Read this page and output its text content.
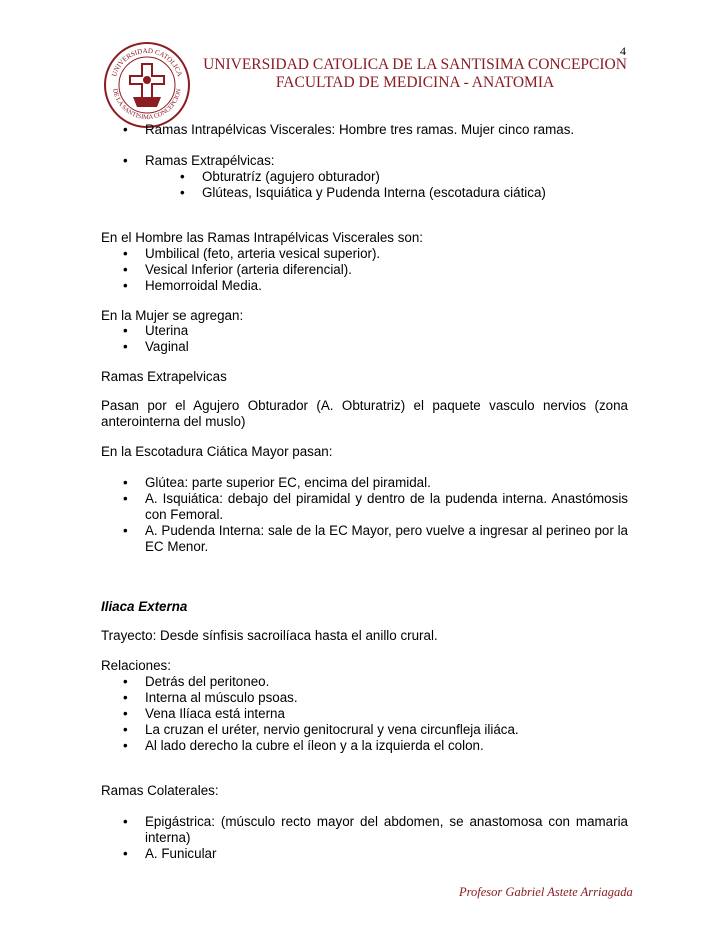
4
UNIVERSIDAD CATOLICA
DE LA SANTISIMA CONCEPCION
UNIVERSIDAD CATOLICA DE LA SANTISIMA CONCEPCION
FACULTAD DE MEDICINA - ANATOMIA
• Ramas Intrapélvicas Viscerales: Hombre tres ramas. Mujer cinco ramas.
• Ramas Extrapélvicas:
• Obturatríz (agujero obturador)
• Glúteas, Isquiática y Pudenda Interna (escotadura ciática)
En el Hombre las Ramas Intrapélvicas Viscerales son:
• Umbilical (feto, arteria vesical superior).
• Vesical Inferior (arteria diferencial).
• Hemorroidal Media.
En la Mujer se agregan:
• Uterina
• Vaginal
Ramas Extrapelvicas
Pasan por el Agujero Obturador (A. Obturatriz) el paquete vasculo nervios (zona
anterointerna del muslo)
En la Escotadura Ciática Mayor pasan:
• Glútea: parte superior EC, encima del piramidal.
• A. Isquiática: debajo del piramidal y dentro de la pudenda interna. Anastómosis
con Femoral.
• A. Pudenda Interna: sale de la EC Mayor, pero vuelve a ingresar al perineo por la
EC Menor.
Iliaca Externa
Trayecto: Desde sínfisis sacroilíaca hasta el anillo crural.
Relaciones:
• Detrás del peritoneo.
• Interna al músculo psoas.
• Vena Ilíaca está interna
• La cruzan el uréter, nervio genitocrural y vena circunfleja iliáca.
• Al lado derecho la cubre el íleon y a la izquierda el colon.
Ramas Colaterales:
• Epigástrica: (músculo recto mayor del abdomen, se anastomosa con mamaria
interna)
• A. Funicular
Profesor Gabriel Astete Arriagada
